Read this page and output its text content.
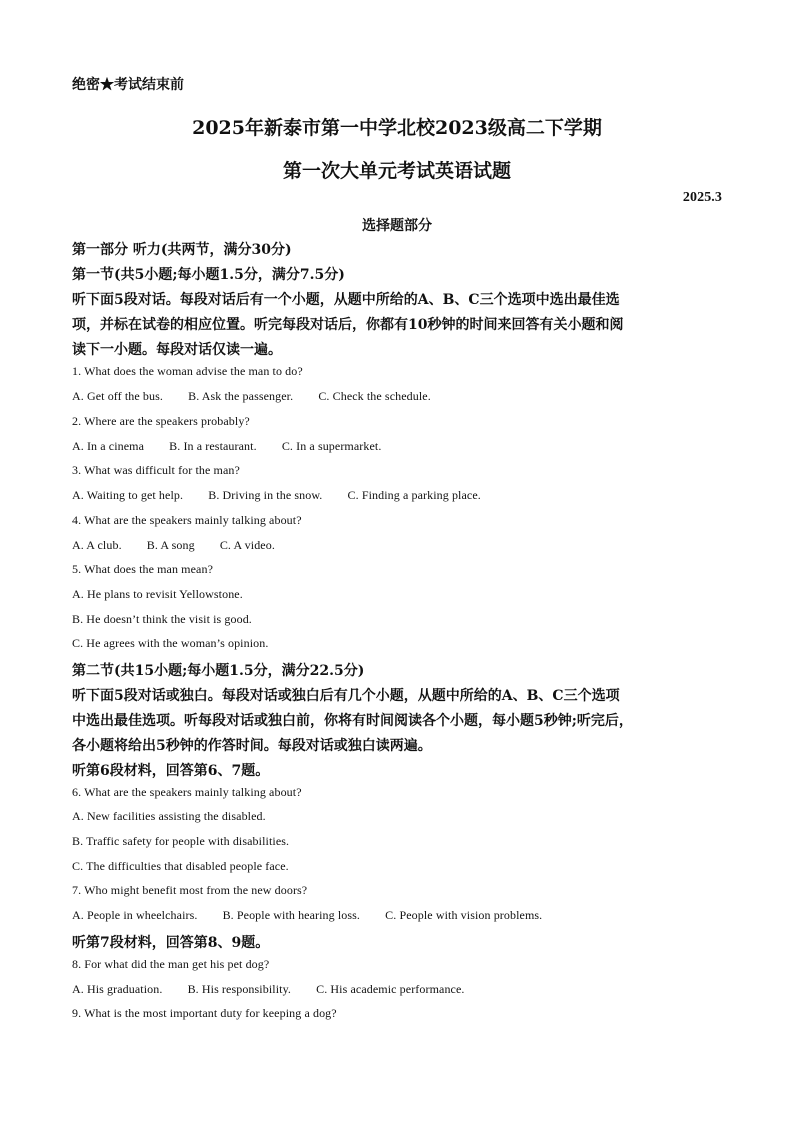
绝密★考试结束前
2025年新泰市第一中学北校2023级高二下学期
第一次大单元考试英语试题
2025.3
选择题部分
第一部分 听力(共两节，满分30分)
第一节(共5小题;每小题1.5分，满分7.5分)
听下面5段对话。每段对话后有一个小题，从题中所给的A、B、C三个选项中选出最佳选
项，并标在试卷的相应位置。听完每段对话后，你都有10秒钟的时间来回答有关小题和阅
读下一小题。每段对话仅读一遍。
1. What does the woman advise the man to do?
A. Get off the bus. B. Ask the passenger. C. Check the schedule.
2. Where are the speakers probably?
A. In a cinema B. In a restaurant. C. In a supermarket.
3. What was difficult for the man?
A. Waiting to get help. B. Driving in the snow. C. Finding a parking place.
4. What are the speakers mainly talking about?
A. A club. B. A song C. A video.
5. What does the man mean?
A. He plans to revisit Yellowstone.
B. He doesn’t think the visit is good.
C. He agrees with the woman’s opinion.
第二节(共15小题;每小题1.5分，满分22.5分)
听下面5段对话或独白。每段对话或独白后有几个小题，从题中所给的A、B、C三个选项
中选出最佳选项。听每段对话或独白前，你将有时间阅读各个小题，每小题5秒钟;听完后，
各小题将给出5秒钟的作答时间。每段对话或独白读两遍。
听第6段材料，回答第6、7题。
6. What are the speakers mainly talking about?
A. New facilities assisting the disabled.
B. Traffic safety for people with disabilities.
C. The difficulties that disabled people face.
7. Who might benefit most from the new doors?
A. People in wheelchairs. B. People with hearing loss. C. People with vision problems.
听第7段材料，回答第8、9题。
8. For what did the man get his pet dog?
A. His graduation. B. His responsibility. C. His academic performance.
9. What is the most important duty for keeping a dog?
